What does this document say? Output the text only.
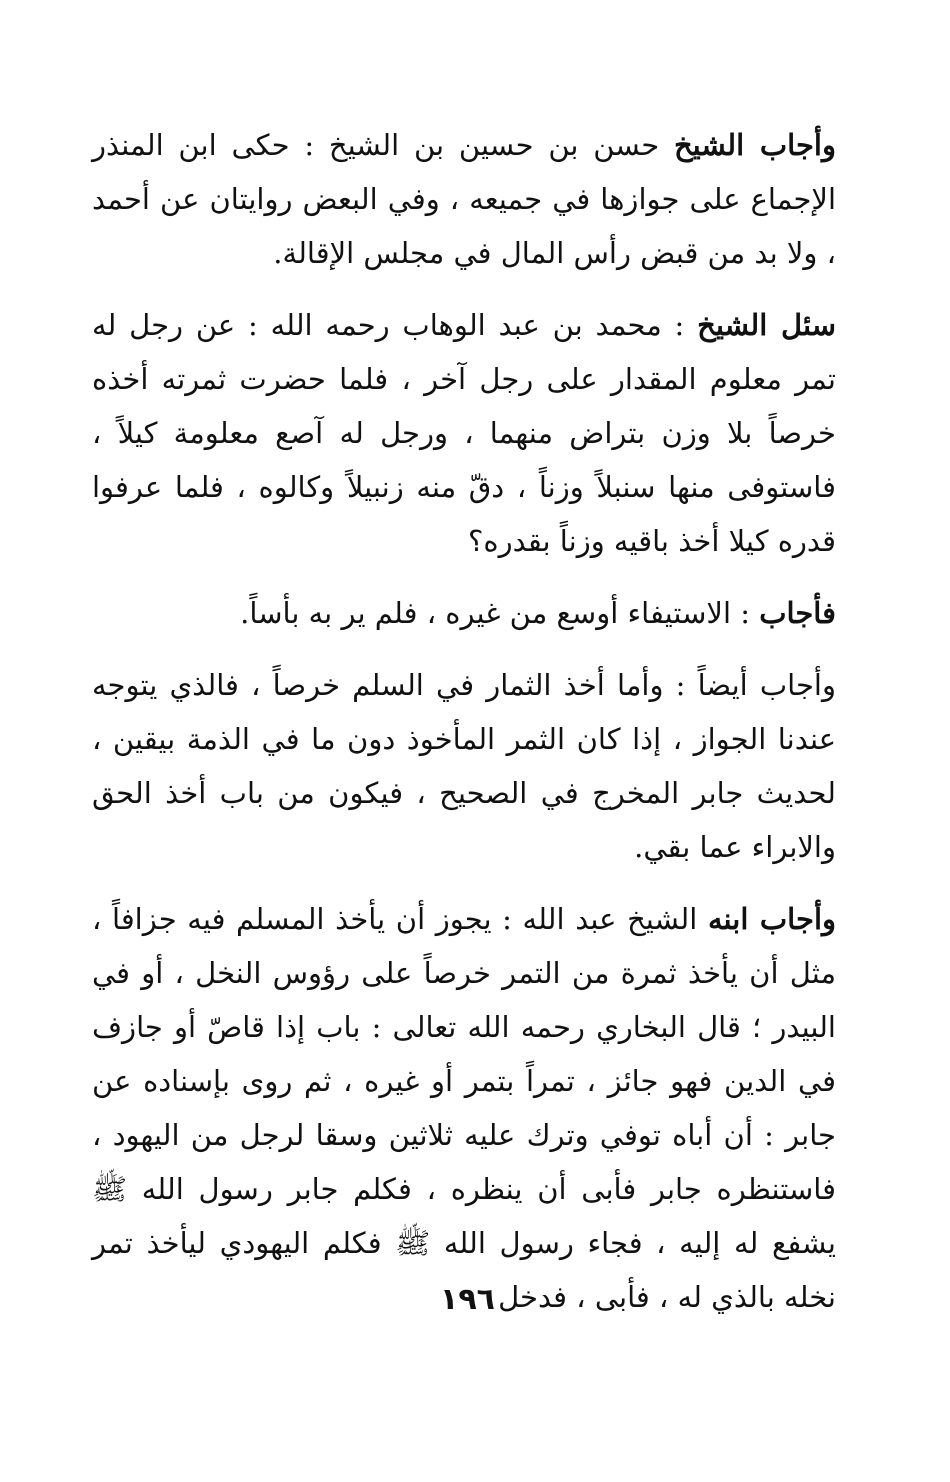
وأجاب الشيخ حسن بن حسين بن الشيخ : حكى ابن المنذر الإجماع على جوازها في جميعه ، وفي البعض روايتان عن أحمد ، ولا بد من قبض رأس المال في مجلس الإقالة.

سئل الشيخ : محمد بن عبد الوهاب رحمه الله : عن رجل له تمر معلوم المقدار على رجل آخر ، فلما حضرت ثمرته أخذه خرصاً بلا وزن بتراض منهما ، ورجل له آصع معلومة كيلاً ، فاستوفى منها سنبلاً وزناً ، دقّ منه زنبيلاً وكالوه ، فلما عرفوا قدره كيلا أخذ باقيه وزناً بقدره؟

فأجاب : الاستيفاء أوسع من غيره ، فلم ير به بأساً.

وأجاب أيضاً : وأما أخذ الثمار في السلم خرصاً ، فالذي يتوجه عندنا الجواز ، إذا كان الثمر المأخوذ دون ما في الذمة بيقين ، لحديث جابر المخرج في الصحيح ، فيكون من باب أخذ الحق والابراء عما بقي.

وأجاب ابنه الشيخ عبد الله : يجوز أن يأخذ المسلم فيه جزافاً ، مثل أن يأخذ ثمرة من التمر خرصاً على رؤوس النخل ، أو في البيدر ؛ قال البخاري رحمه الله تعالى : باب إذا قاصّ أو جازف في الدين فهو جائز ، تمراً بتمر أو غيره ، ثم روى بإسناده عن جابر : أن أباه توفي وترك عليه ثلاثين وسقا لرجل من اليهود ، فاستنظره جابر فأبى أن ينظره ، فكلم جابر رسول الله ﷺ يشفع له إليه ، فجاء رسول الله ﷺ فكلم اليهودي ليأخذ تمر نخله بالذي له ، فأبى ، فدخل

١٩٦
